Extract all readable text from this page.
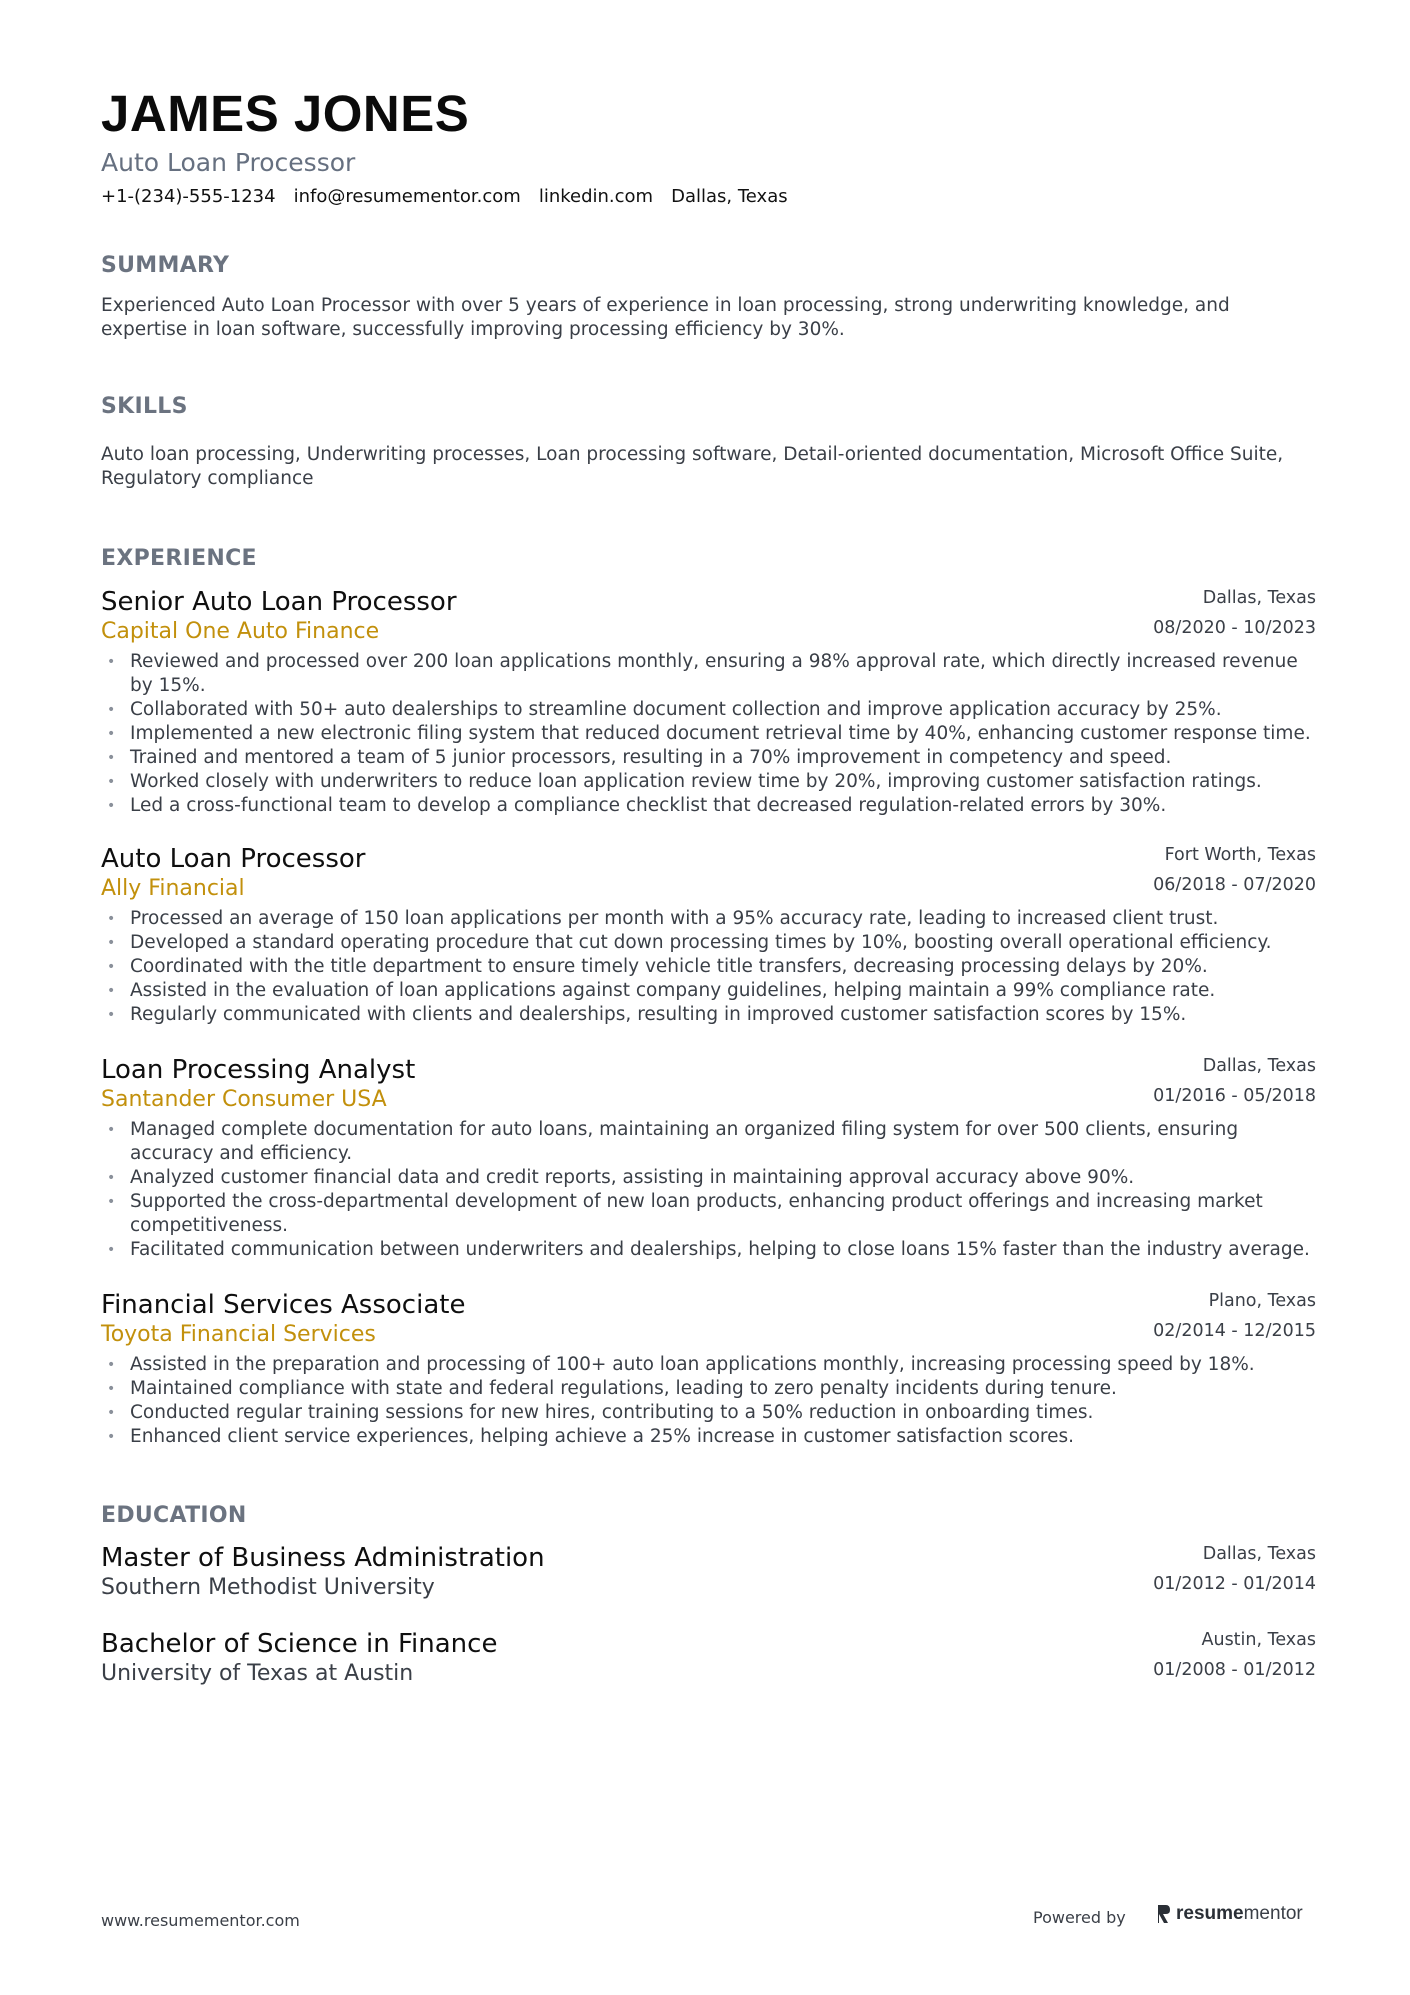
JAMES JONES
Auto Loan Processor
+1-(234)-555-1234 info@resumementor.com linkedin.com Dallas, Texas
SUMMARY
Experienced Auto Loan Processor with over 5 years of experience in loan processing, strong underwriting knowledge, and expertise in loan software, successfully improving processing efficiency by 30%.
SKILLS
Auto loan processing, Underwriting processes, Loan processing software, Detail-oriented documentation, Microsoft Office Suite, Regulatory compliance
EXPERIENCE
Senior Auto Loan Processor
Capital One Auto Finance
Dallas, Texas
08/2020 - 10/2023
• Reviewed and processed over 200 loan applications monthly, ensuring a 98% approval rate, which directly increased revenue by 15%.
• Collaborated with 50+ auto dealerships to streamline document collection and improve application accuracy by 25%.
• Implemented a new electronic filing system that reduced document retrieval time by 40%, enhancing customer response time.
• Trained and mentored a team of 5 junior processors, resulting in a 70% improvement in competency and speed.
• Worked closely with underwriters to reduce loan application review time by 20%, improving customer satisfaction ratings.
• Led a cross-functional team to develop a compliance checklist that decreased regulation-related errors by 30%.
Auto Loan Processor
Ally Financial
Fort Worth, Texas
06/2018 - 07/2020
• Processed an average of 150 loan applications per month with a 95% accuracy rate, leading to increased client trust.
• Developed a standard operating procedure that cut down processing times by 10%, boosting overall operational efficiency.
• Coordinated with the title department to ensure timely vehicle title transfers, decreasing processing delays by 20%.
• Assisted in the evaluation of loan applications against company guidelines, helping maintain a 99% compliance rate.
• Regularly communicated with clients and dealerships, resulting in improved customer satisfaction scores by 15%.
Loan Processing Analyst
Santander Consumer USA
Dallas, Texas
01/2016 - 05/2018
• Managed complete documentation for auto loans, maintaining an organized filing system for over 500 clients, ensuring accuracy and efficiency.
• Analyzed customer financial data and credit reports, assisting in maintaining approval accuracy above 90%.
• Supported the cross-departmental development of new loan products, enhancing product offerings and increasing market competitiveness.
• Facilitated communication between underwriters and dealerships, helping to close loans 15% faster than the industry average.
Financial Services Associate
Toyota Financial Services
Plano, Texas
02/2014 - 12/2015
• Assisted in the preparation and processing of 100+ auto loan applications monthly, increasing processing speed by 18%.
• Maintained compliance with state and federal regulations, leading to zero penalty incidents during tenure.
• Conducted regular training sessions for new hires, contributing to a 50% reduction in onboarding times.
• Enhanced client service experiences, helping achieve a 25% increase in customer satisfaction scores.
EDUCATION
Master of Business Administration
Southern Methodist University
Dallas, Texas
01/2012 - 01/2014
Bachelor of Science in Finance
University of Texas at Austin
Austin, Texas
01/2008 - 01/2012
www.resumementor.com	Powered by	resumementor
